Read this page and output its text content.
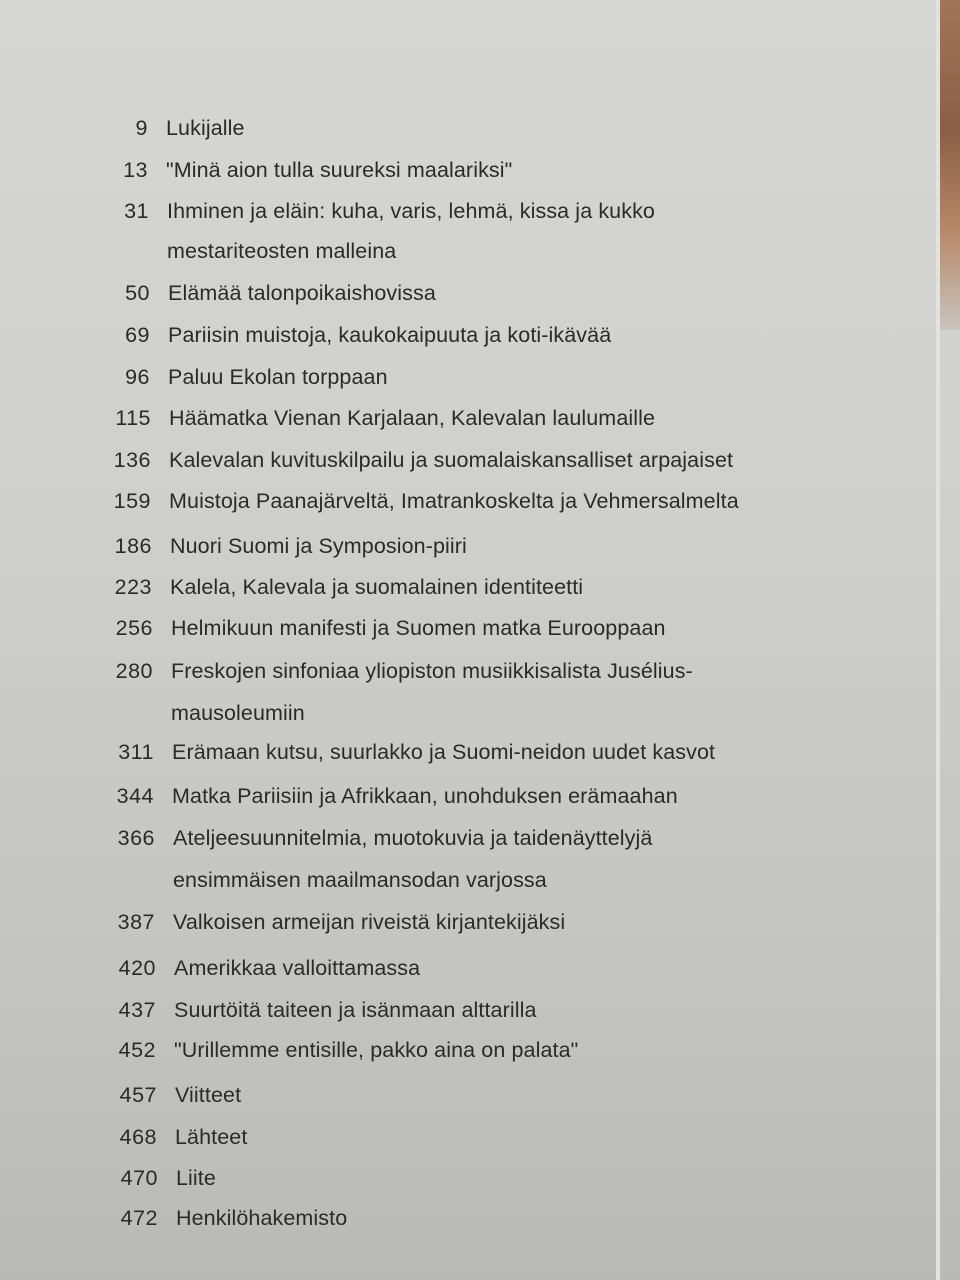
9 Lukijalle
13 "Minä aion tulla suureksi maalariksi"
31 Ihminen ja eläin: kuha, varis, lehmä, kissa ja kukko
mestariteosten malleina
50 Elämää talonpoikaishovissa
69 Pariisin muistoja, kaukokaipuuta ja koti-ikävää
96 Paluu Ekolan torppaan
115 Häämatka Vienan Karjalaan, Kalevalan laulumaille
136 Kalevalan kuvituskilpailu ja suomalaiskansalliset arpajaiset
159 Muistoja Paanajärveltä, Imatrankoskelta ja Vehmersalmelta
186 Nuori Suomi ja Symposion-piiri
223 Kalela, Kalevala ja suomalainen identiteetti
256 Helmikuun manifesti ja Suomen matka Eurooppaan
280 Freskojen sinfoniaa yliopiston musiikkisalista Jusélius-
mausoleumiin
311 Erämaan kutsu, suurlakko ja Suomi-neidon uudet kasvot
344 Matka Pariisiin ja Afrikkaan, unohduksen erämaahan
366 Ateljeesuunnitelmia, muotokuvia ja taidenäyttelyjä
ensimmäisen maailmansodan varjossa
387 Valkoisen armeijan riveistä kirjantekijäksi
420 Amerikkaa valloittamassa
437 Suurtöitä taiteen ja isänmaan alttarilla
452 "Urillemme entisille, pakko aina on palata"
457 Viitteet
468 Lähteet
470 Liite
472 Henkilöhakemisto
